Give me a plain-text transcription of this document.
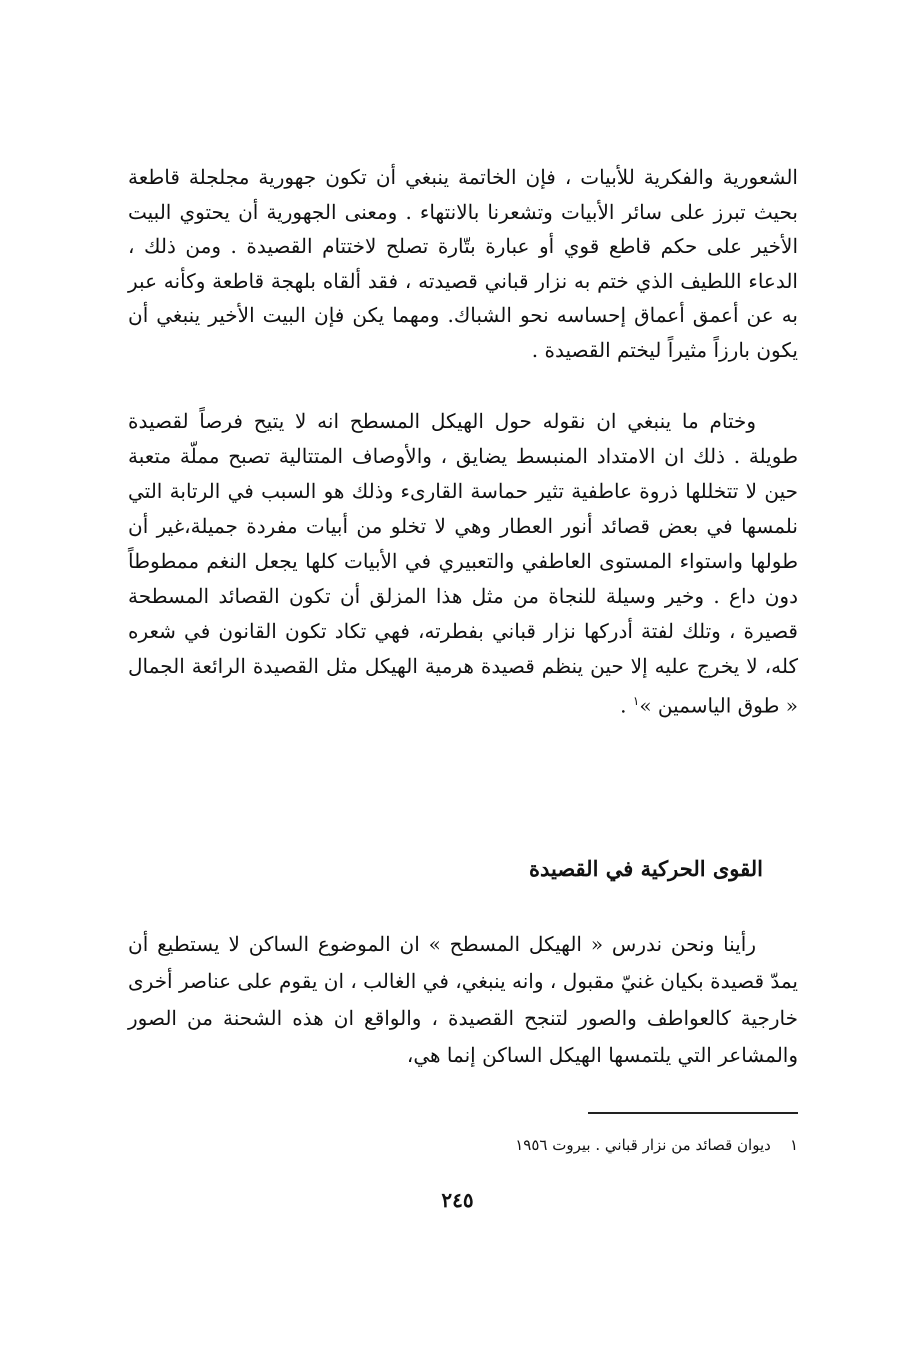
الشعورية والفكرية للأبيات ، فإن الخاتمة ينبغي أن تكون جهورية مجلجلة قاطعة بحيث تبرز على سائر الأبيات وتشعرنا بالانتهاء . ومعنى الجهورية أن يحتوي البيت الأخير على حكم قاطع قوي أو عبارة بتّارة تصلح لاختتام القصيدة . ومن ذلك ، الدعاء اللطيف الذي ختم به نزار قباني قصيدته ، فقد ألقاه بلهجة قاطعة وكأنه عبر به عن أعمق أعماق إحساسه نحو الشباك. ومهما يكن فإن البيت الأخير ينبغي أن يكون بارزاً مثيراً ليختم القصيدة .

وختام ما ينبغي ان نقوله حول الهيكل المسطح انه لا يتيح فرصاً لقصيدة طويلة . ذلك ان الامتداد المنبسط يضايق ، والأوصاف المتتالية تصبح مملّة متعبة حين لا تتخللها ذروة عاطفية تثير حماسة القارىء وذلك هو السبب في الرتابة التي نلمسها في بعض قصائد أنور العطار وهي لا تخلو من أبيات مفردة جميلة،غير أن طولها واستواء المستوى العاطفي والتعبيري في الأبيات كلها يجعل النغم ممطوطاً دون داع . وخير وسيلة للنجاة من مثل هذا المزلق أن تكون القصائد المسطحة قصيرة ، وتلك لفتة أدركها نزار قباني بفطرته، فهي تكاد تكون القانون في شعره كله، لا يخرج عليه إلا حين ينظم قصيدة هرمية الهيكل مثل القصيدة الرائعة الجمال « طوق الياسمين »$^١$ .

القوى الحركية في القصيدة

رأينا ونحن ندرس « الهيكل المسطح » ان الموضوع الساكن لا يستطيع أن يمدّ قصيدة بكيان غنيّ مقبول ، وانه ينبغي، في الغالب ، ان يقوم على عناصر أخرى خارجية كالعواطف والصور لتنجح القصيدة ، والواقع ان هذه الشحنة من الصور والمشاعر التي يلتمسها الهيكل الساكن إنما هي،

١    ديوان قصائد من نزار قباني . بيروت ١٩٥٦
٢٤٥
